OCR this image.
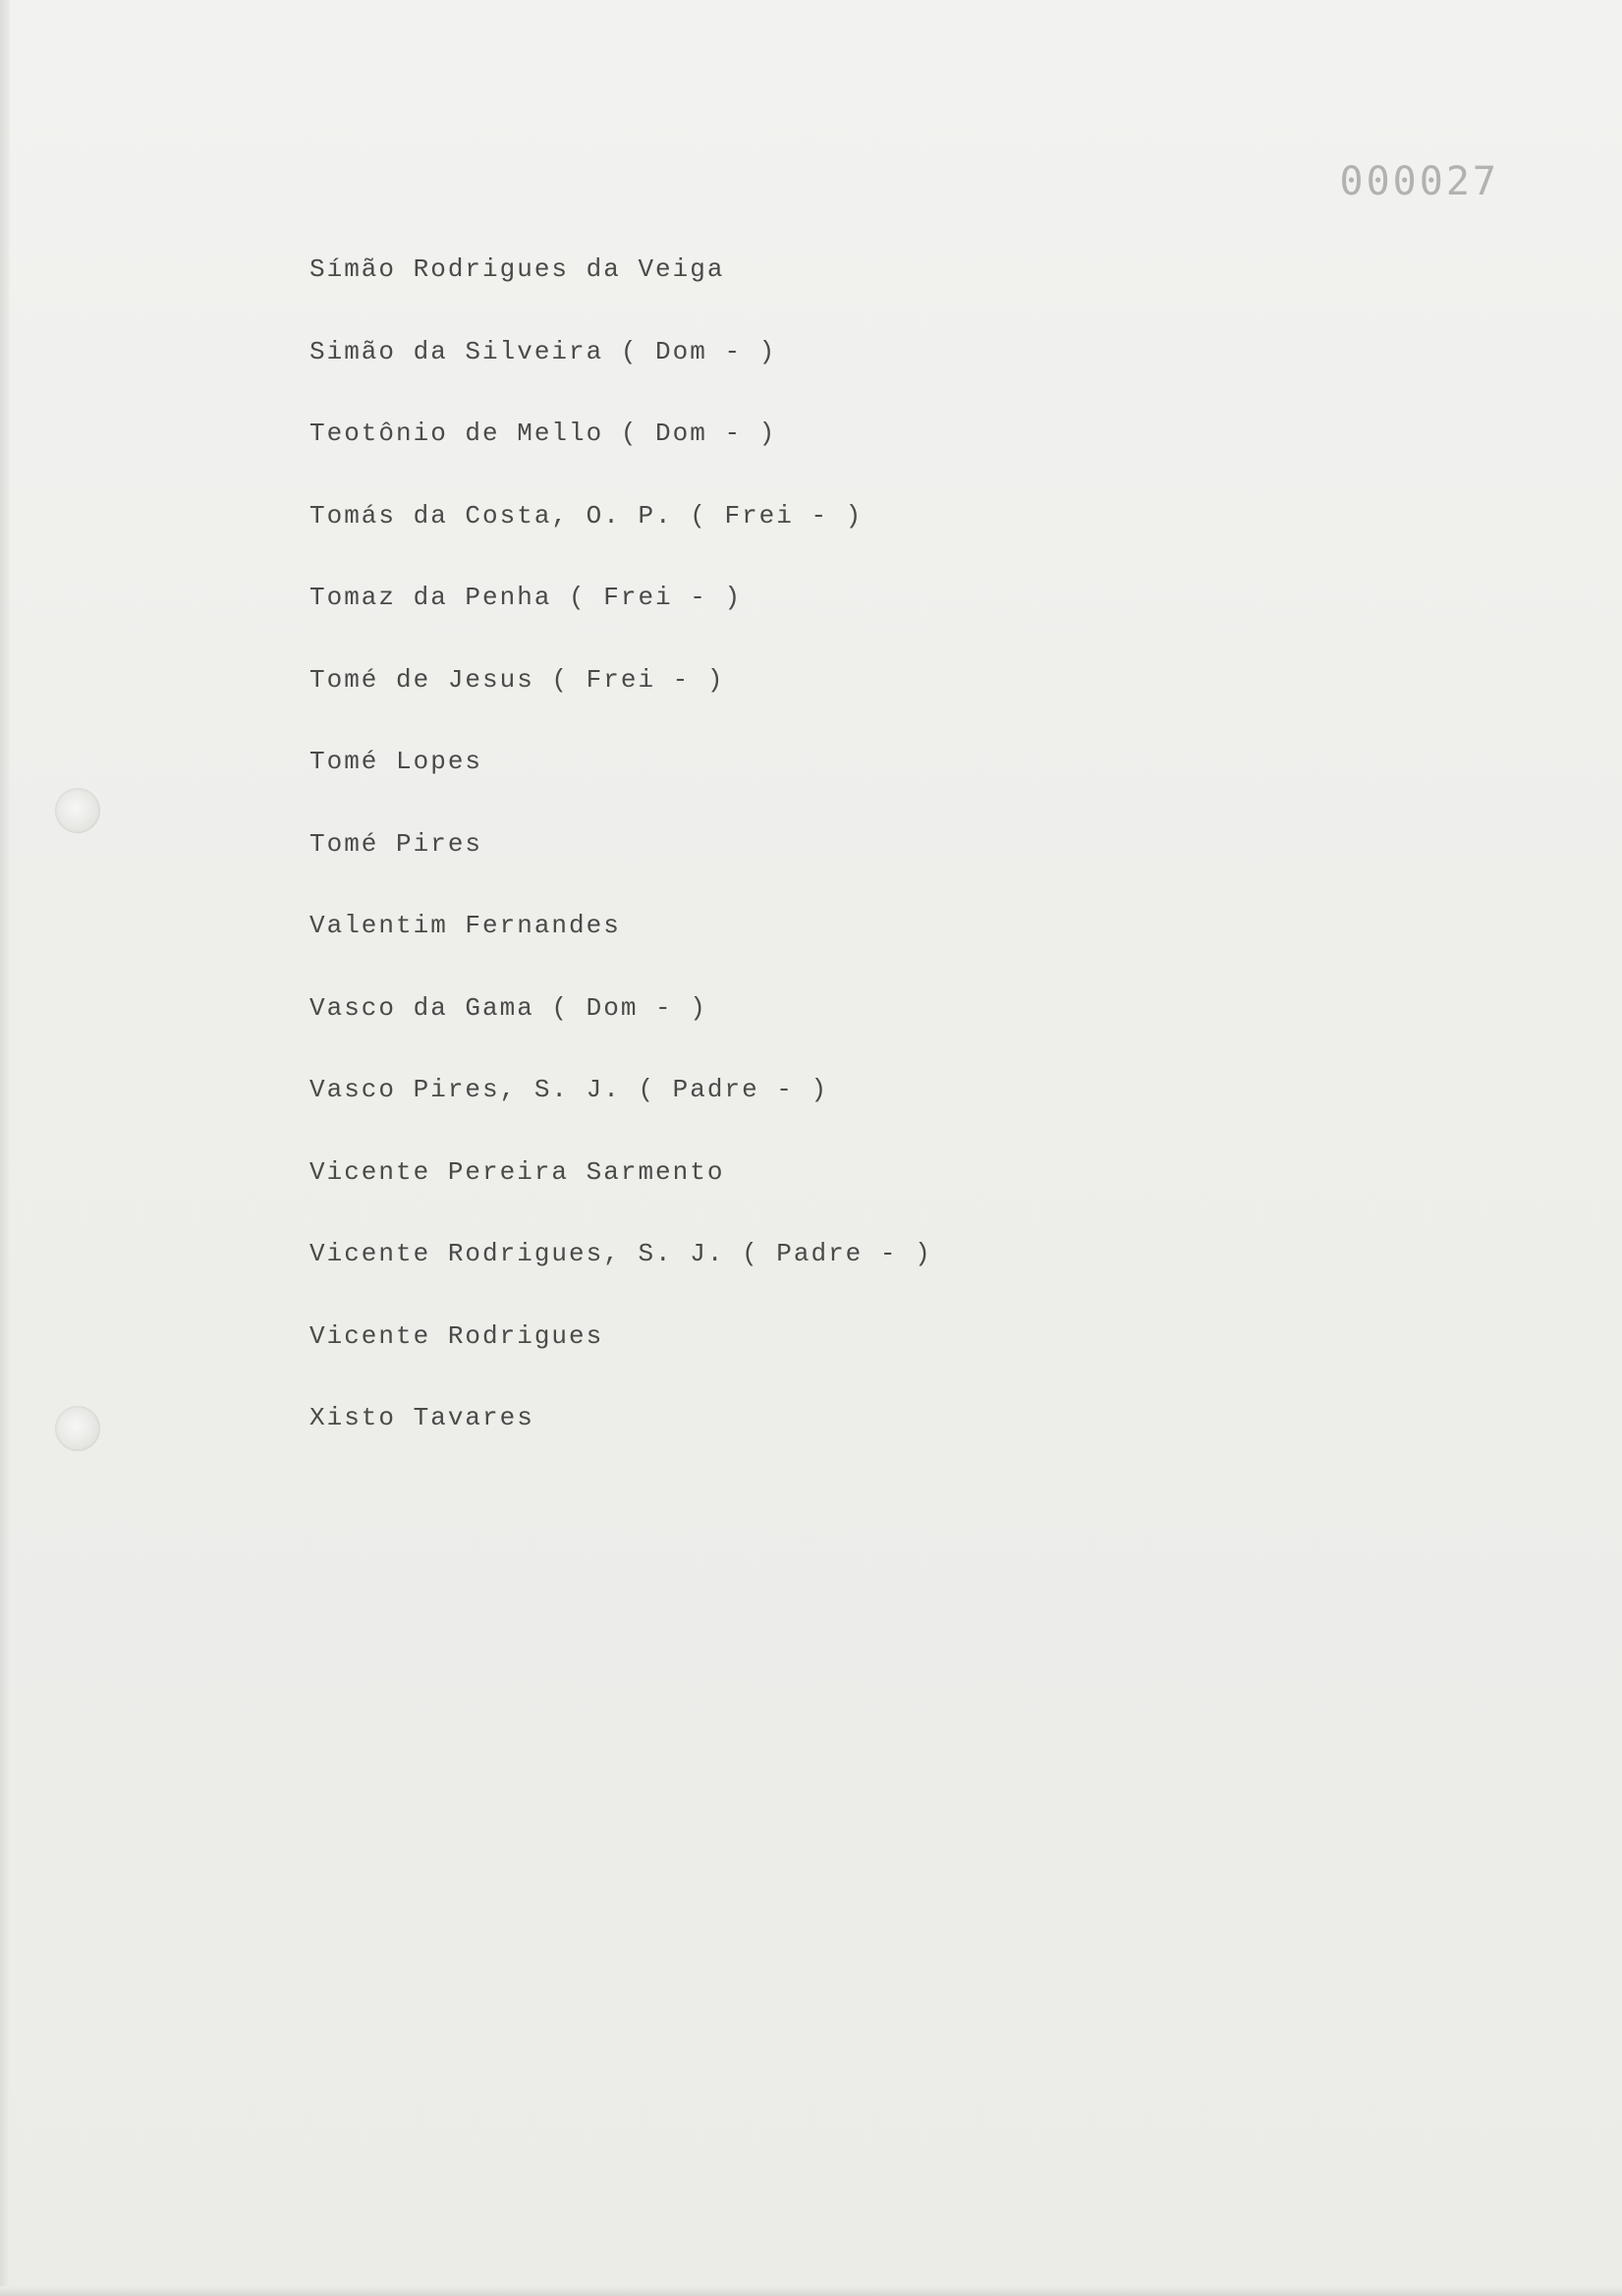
000027
Símão Rodrigues da Veiga
Simão da Silveira ( Dom - )
Teotônio de Mello ( Dom - )
Tomás da Costa, O. P. ( Frei - )
Tomaz da Penha ( Frei - )
Tomé de Jesus ( Frei - )
Tomé Lopes
Tomé Pires
Valentim Fernandes
Vasco da Gama ( Dom - )
Vasco Pires, S. J. ( Padre - )
Vicente Pereira Sarmento
Vicente Rodrigues, S. J. ( Padre - )
Vicente Rodrigues
Xisto Tavares
